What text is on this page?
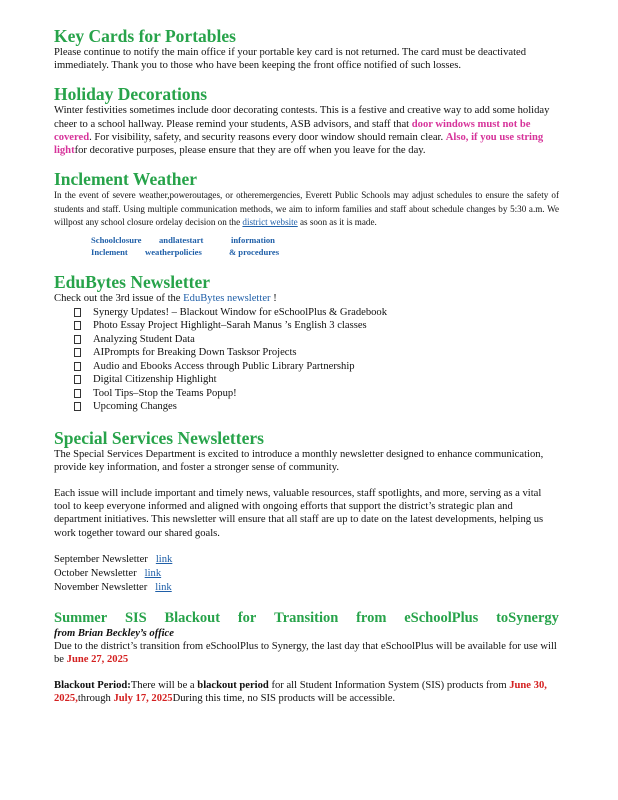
Key Cards for Portables

Please continue to notify the main office if your portable key card is not returned. The card must be deactivated immediately. Thank you to those who have been keeping the front office notified of such losses.

Holiday Decorations

Winter festivities sometimes include door decorating contests. This is a festive and creative way to add some holiday cheer to a school hallway. Please remind your students, ASB advisors, and staff that door windows must not be covered. For visibility, safety, and security reasons every door window should remain clear. Also, if you use string lightfor decorative purposes, please ensure that they are off when you leave for the day.

Inclement Weather

In the event of severe weather,poweroutages, or otheremergencies, Everett Public Schools may adjust schedules to ensure the safety of students and staff. Using multiple communication methods, we aim to inform families and staff about schedule changes by 5:30 a.m. We willpost any school closure ordelay decision on the district website as soon as it is made.

Schoolclosure	andlatestart	information
Inclement	weatherpolicies	& procedures
EduBytes Newsletter

Check out the 3rd issue of the EduBytes newsletter !

Synergy Updates! – Blackout Window for eSchoolPlus & Gradebook
Photo Essay Project Highlight–Sarah Manus ’s English 3 classes
Analyzing Student Data
AIPrompts for Breaking Down Tasksor Projects
Audio and Ebooks Access through Public Library Partnership
Digital Citizenship Highlight
Tool Tips–Stop the Teams Popup!
Upcoming Changes
Special Services Newsletters

The Special Services Department is excited to introduce a monthly newsletter designed to enhance communication, provide key information, and foster a stronger sense of community.

Each issue will include important and timely news, valuable resources, staff spotlights, and more, serving as a vital tool to keep everyone informed and aligned with ongoing efforts that support the district’s strategic plan and department initiatives. This newsletter will ensure that all staff are up to date on the latest developments, helping us work together toward our shared goals.

September Newsletter link
October Newsletter link
November Newsletter link
Summer SIS Blackout for Transition from eSchoolPlus toSynergy

from Brian Beckley’s office

Due to the district’s transition from eSchoolPlus to Synergy, the last day that eSchoolPlus will be available for use will be June 27, 2025

Blackout Period:There will be a blackout period for all Student Information System (SIS) products from June 30, 2025,through July 17, 2025During this time, no SIS products will be accessible.
